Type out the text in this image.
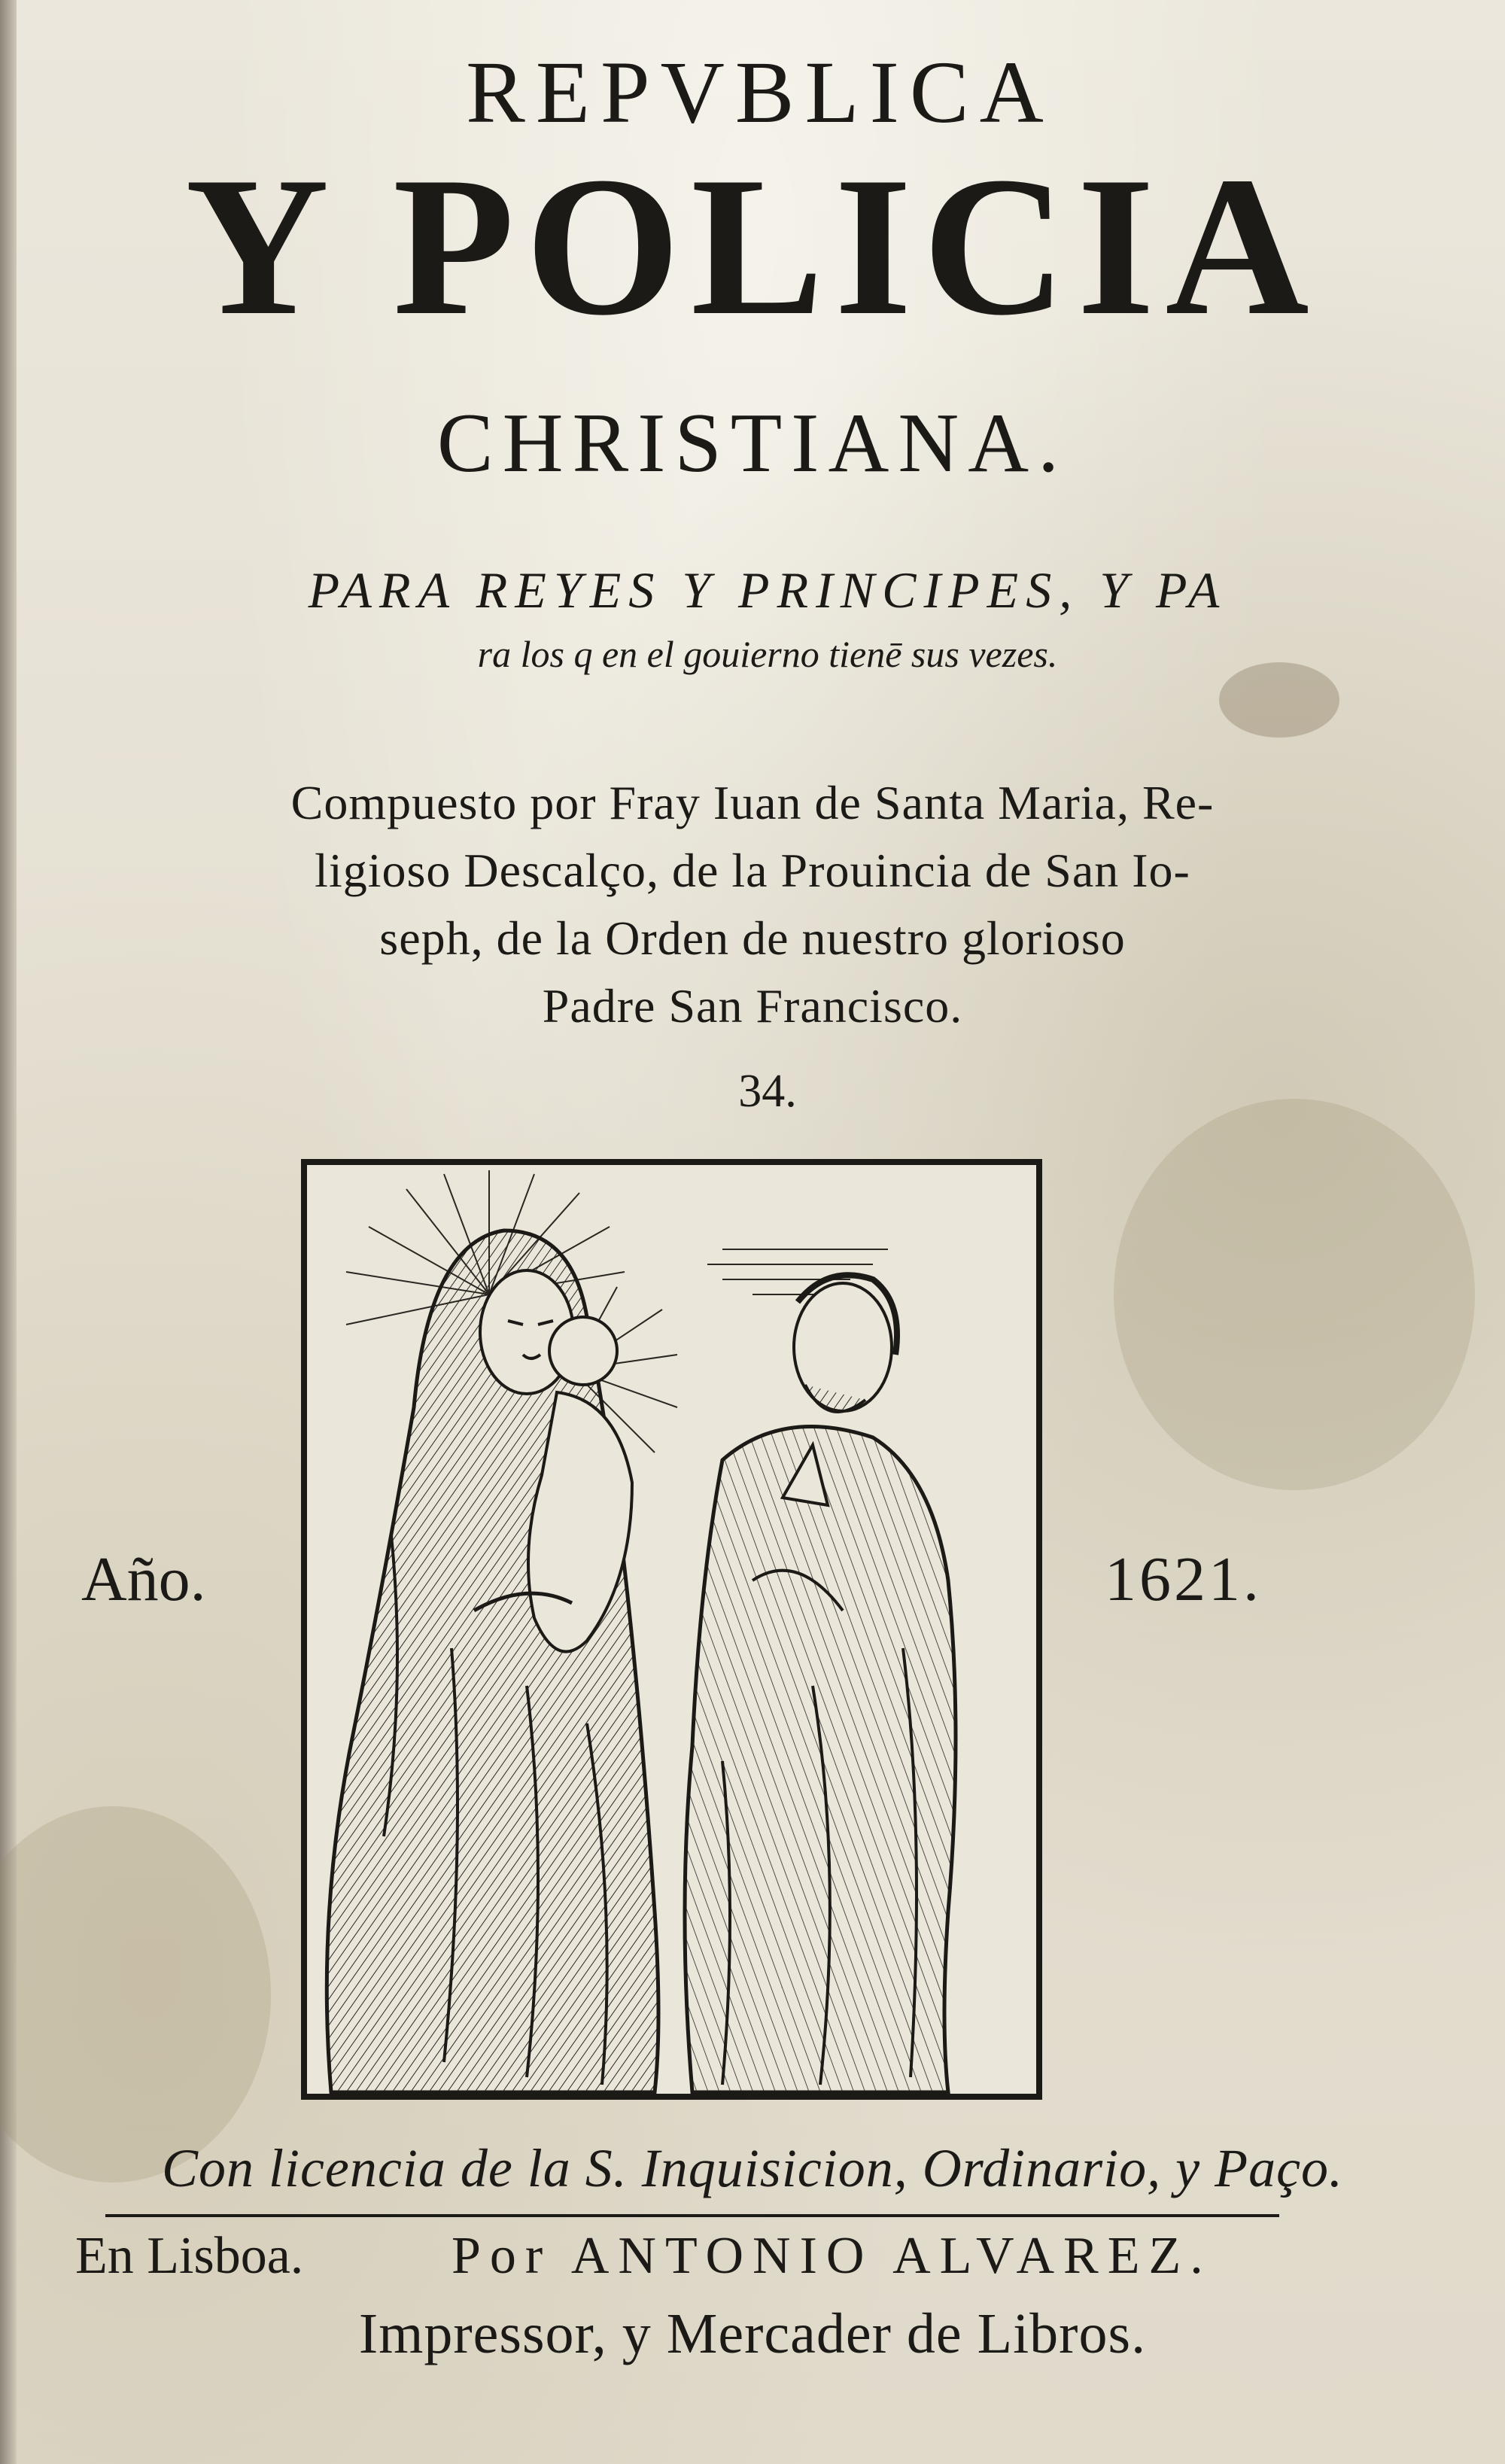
REPVBLICA
Y POLICIA
CHRISTIANA.
PARA REYES Y PRINCIPES, Y PA
ra los q en el gouierno tienē sus vezes.
Compuesto por Fray Iuan de Santa Maria, Re-
ligioso Descalço, de la Prouincia de San Io-
seph, de la Orden de nuestro glorioso
Padre San Francisco.
34.
Año.	1621.
Con licencia de la S. Inquisicion, Ordinario, y Paço.
En Lisboa.	Por ANTONIO ALVAREZ.
Impressor, y Mercader de Libros.
